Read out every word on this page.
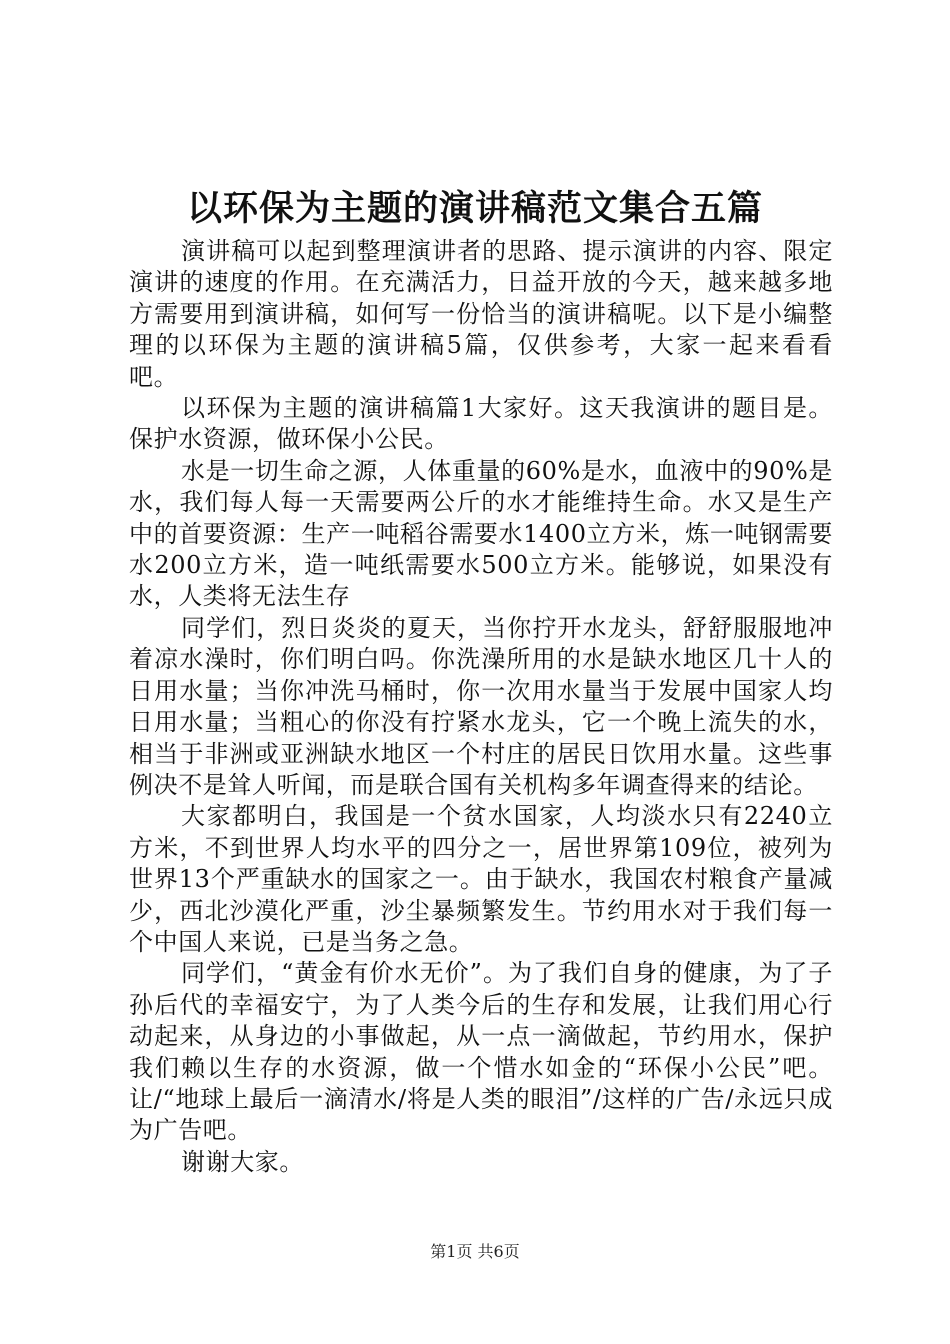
以环保为主题的演讲稿范文集合五篇

演讲稿可以起到整理演讲者的思路、提示演讲的内容、限定演讲的速度的作用。在充满活力，日益开放的今天，越来越多地方需要用到演讲稿，如何写一份恰当的演讲稿呢。以下是小编整理的以环保为主题的演讲稿5篇，仅供参考，大家一起来看看吧。

以环保为主题的演讲稿篇1大家好。这天我演讲的题目是。保护水资源，做环保小公民。

水是一切生命之源，人体重量的60%是水，血液中的90%是水，我们每人每一天需要两公斤的水才能维持生命。水又是生产中的首要资源：生产一吨稻谷需要水1400立方米，炼一吨钢需要水200立方米，造一吨纸需要水500立方米。能够说，如果没有水，人类将无法生存

同学们，烈日炎炎的夏天，当你拧开水龙头，舒舒服服地冲着凉水澡时，你们明白吗。你洗澡所用的水是缺水地区几十人的日用水量；当你冲洗马桶时，你一次用水量当于发展中国家人均日用水量；当粗心的你没有拧紧水龙头，它一个晚上流失的水，相当于非洲或亚洲缺水地区一个村庄的居民日饮用水量。这些事例决不是耸人听闻，而是联合国有关机构多年调查得来的结论。

大家都明白，我国是一个贫水国家，人均淡水只有2240立方米，不到世界人均水平的四分之一，居世界第109位，被列为世界13个严重缺水的国家之一。由于缺水，我国农村粮食产量减少，西北沙漠化严重，沙尘暴频繁发生。节约用水对于我们每一个中国人来说，已是当务之急。

同学们，“黄金有价水无价”。为了我们自身的健康，为了子孙后代的幸福安宁，为了人类今后的生存和发展，让我们用心行动起来，从身边的小事做起，从一点一滴做起，节约用水，保护我们赖以生存的水资源，做一个惜水如金的“环保小公民”吧。让/“地球上最后一滴清水/将是人类的眼泪”/这样的广告/永远只成为广告吧。

谢谢大家。

第1页 共6页
